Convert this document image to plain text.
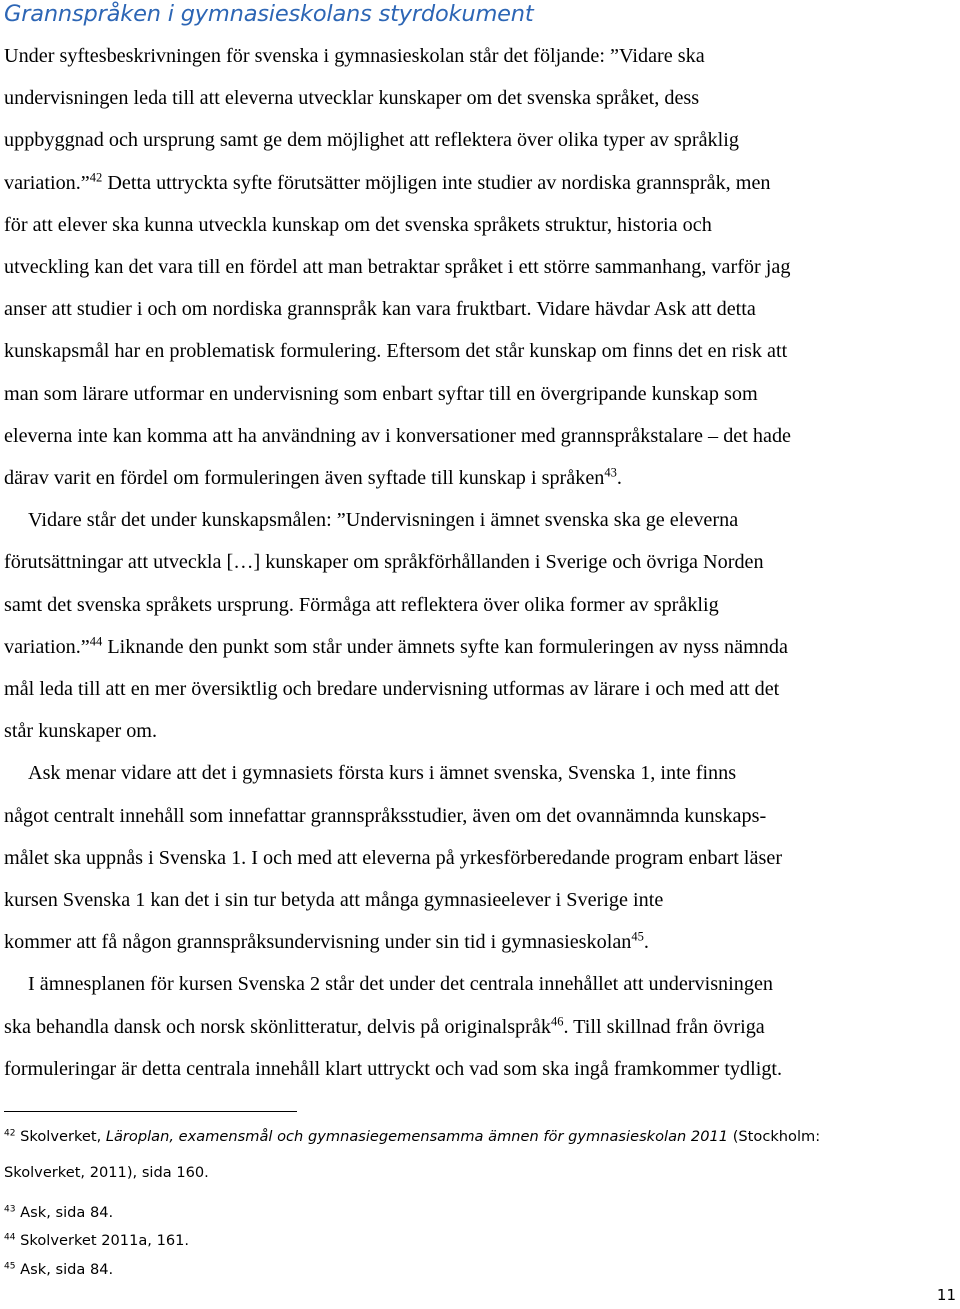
Grannspråken i gymnasieskolans styrdokument

Under syftesbeskrivningen för svenska i gymnasieskolan står det följande: ”Vidare ska
undervisningen leda till att eleverna utvecklar kunskaper om det svenska språket, dess
uppbyggnad och ursprung samt ge dem möjlighet att reflektera över olika typer av språklig
variation.”$^{42}$ Detta uttryckta syfte förutsätter möjligen inte studier av nordiska grannspråk, men
för att elever ska kunna utveckla kunskap om det svenska språkets struktur, historia och
utveckling kan det vara till en fördel att man betraktar språket i ett större sammanhang, varför jag
anser att studier i och om nordiska grannspråk kan vara fruktbart. Vidare hävdar Ask att detta
kunskapsmål har en problematisk formulering. Eftersom det står kunskap om finns det en risk att
man som lärare utformar en undervisning som enbart syftar till en övergripande kunskap som
eleverna inte kan komma att ha användning av i konversationer med grannspråkstalare – det hade
därav varit en fördel om formuleringen även syftade till kunskap i språken$^{43}$.

Vidare står det under kunskapsmålen: ”Undervisningen i ämnet svenska ska ge eleverna
förutsättningar att utveckla […] kunskaper om språkförhållanden i Sverige och övriga Norden
samt det svenska språkets ursprung. Förmåga att reflektera över olika former av språklig
variation.”$^{44}$ Liknande den punkt som står under ämnets syfte kan formuleringen av nyss nämnda
mål leda till att en mer översiktlig och bredare undervisning utformas av lärare i och med att det
står kunskaper om.

Ask menar vidare att det i gymnasiets första kurs i ämnet svenska, Svenska 1, inte finns
något centralt innehåll som innefattar grannspråksstudier, även om det ovannämnda kunskaps-
målet ska uppnås i Svenska 1. I och med att eleverna på yrkesförberedande program enbart läser
kursen Svenska 1 kan det i sin tur betyda att många gymnasieelever i Sverige inte
kommer att få någon grannspråksundervisning under sin tid i gymnasieskolan$^{45}$.

I ämnesplanen för kursen Svenska 2 står det under det centrala innehållet att undervisningen
ska behandla dansk och norsk skönlitteratur, delvis på originalspråk$^{46}$. Till skillnad från övriga
formuleringar är detta centrala innehåll klart uttryckt och vad som ska ingå framkommer tydligt.

$^{42}$ Skolverket, Läroplan, examensmål och gymnasiegemensamma ämnen för gymnasieskolan 2011 (Stockholm:

Skolverket, 2011), sida 160.

$^{43}$ Ask, sida 84.

$^{44}$ Skolverket 2011a, 161.

$^{45}$ Ask, sida 84.

11
